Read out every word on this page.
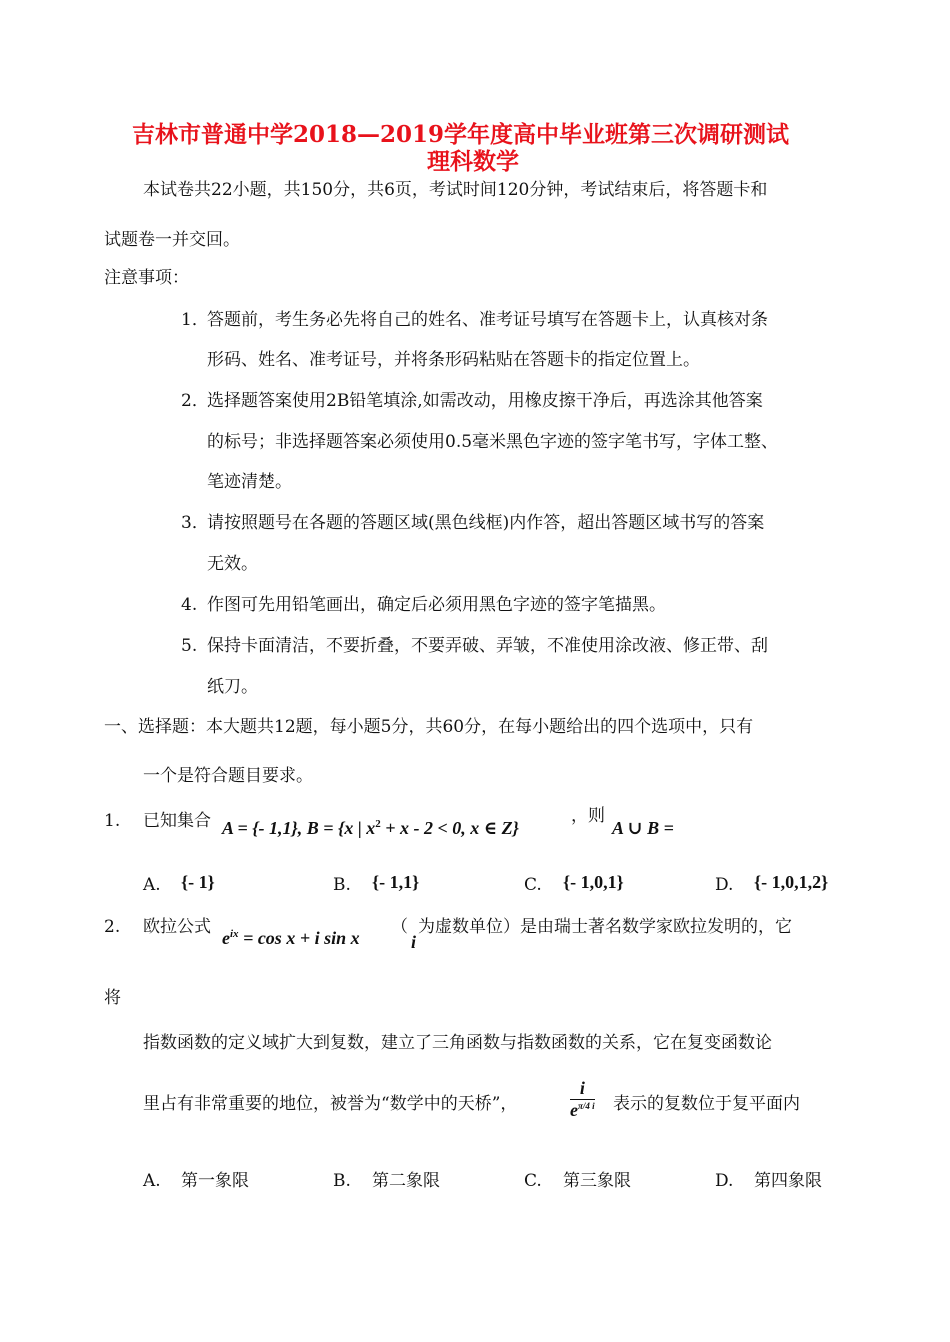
吉林市普通中学2018—2019学年度高中毕业班第三次调研测试
理科数学
本试卷共22小题，共150分，共6页，考试时间120分钟，考试结束后，将答题卡和
试题卷一并交回。
注意事项：
1．
答题前，考生务必先将自己的姓名、准考证号填写在答题卡上，认真核对条
形码、姓名、准考证号，并将条形码粘贴在答题卡的指定位置上。
2．
选择题答案使用2B铅笔填涂,如需改动，用橡皮擦干净后，再选涂其他答案
的标号；非选择题答案必须使用0.5毫米黑色字迹的签字笔书写，字体工整、
笔迹清楚。
3．
请按照题号在各题的答题区域(黑色线框)内作答，超出答题区域书写的答案
无效。
4. 作图可先用铅笔画出，确定后必须用黑色字迹的签字笔描黑。
5. 保持卡面清洁，不要折叠，不要弄破、弄皱，不准使用涂改液、修正带、刮
纸刀。
一、选择题：本大题共12题，每小题5分，共60分，在每小题给出的四个选项中，只有
一个是符合题目要求。
1. 已知集合 A = {- 1,1}, B = {x | $x^2 + x - 2 < 0$, x ∈ Z}
，则
A ∪ B =
A. {- 1}	B. {- 1,1}	C. {- 1,0,1}	D. {- 1,0,1,2}
2. 欧拉公式
$e^{ix} = \cos x + i$ sin x
（
i
为虚数单位）是由瑞士著名数学家欧拉发明的，它
将
指数函数的定义域扩大到复数，建立了三角函数与指数函数的关系，它在复变函数论
里占有非常重要的地位，被誉为“数学中的天桥”，	$\frac{i}{e^{\pi/4 i}}$ 表示的复数位于复平面内
A. 第一象限	B. 第二象限	C. 第三象限	D. 第四象限
